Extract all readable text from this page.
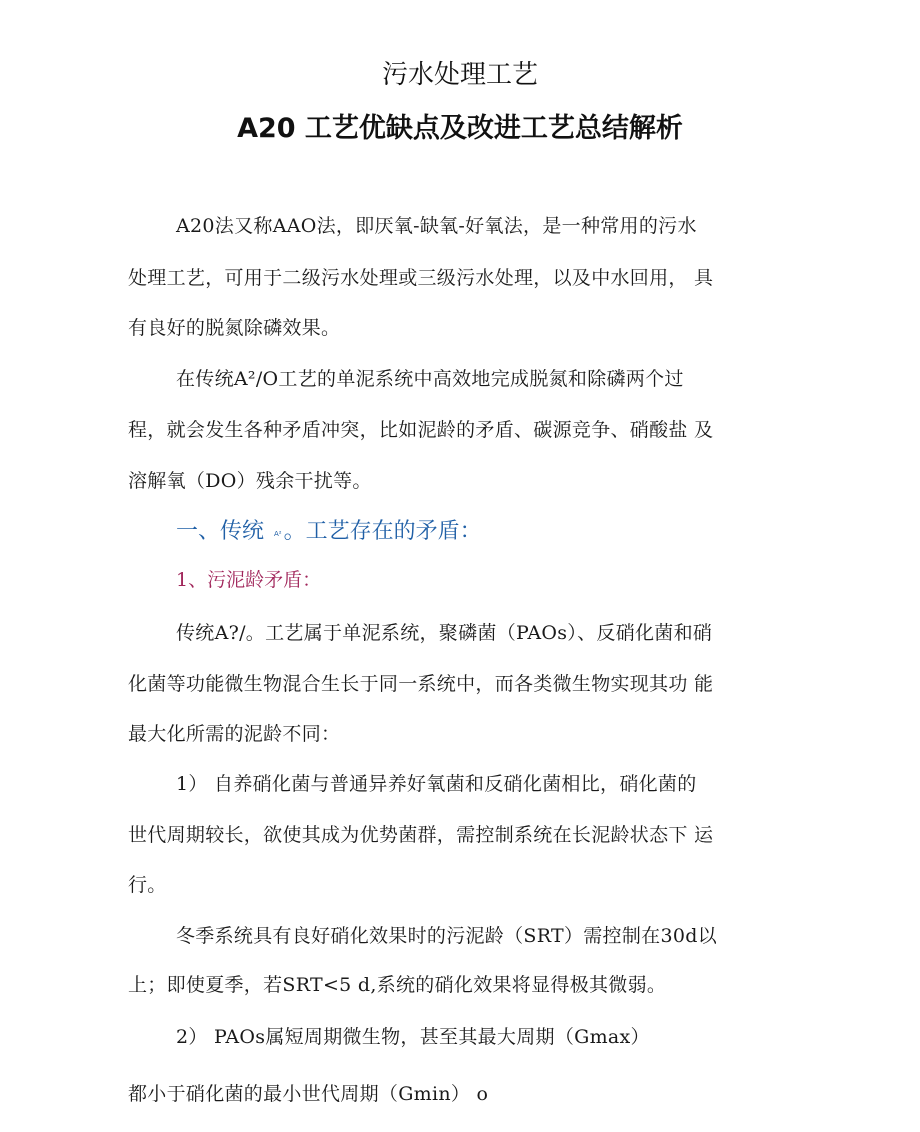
污水处理工艺
A20 工艺优缺点及改进工艺总结解析
A20法又称AAO法，即厌氧-缺氧-好氧法，是一种常用的污水
处理工艺，可用于二级污水处理或三级污水处理，以及中水回用， 具
有良好的脱氮除磷效果。
在传统A²/O工艺的单泥系统中高效地完成脱氮和除磷两个过
程，就会发生各种矛盾冲突，比如泥龄的矛盾、碳源竞争、硝酸盐 及
溶解氧（DO）残余干扰等。
一、传统 A²。工艺存在的矛盾：
1、污泥龄矛盾：
传统A?/。工艺属于单泥系统，聚磷菌（PAOs）、反硝化菌和硝
化菌等功能微生物混合生长于同一系统中，而各类微生物实现其功 能
最大化所需的泥龄不同：
1） 自养硝化菌与普通异养好氧菌和反硝化菌相比，硝化菌的
世代周期较长，欲使其成为优势菌群，需控制系统在长泥龄状态下 运
行。
冬季系统具有良好硝化效果时的污泥龄（SRT）需控制在30d以
上；即使夏季，若SRT<5 d,系统的硝化效果将显得极其微弱。
2） PAOs属短周期微生物，甚至其最大周期（Gmax）
都小于硝化菌的最小世代周期（Gmin） o
